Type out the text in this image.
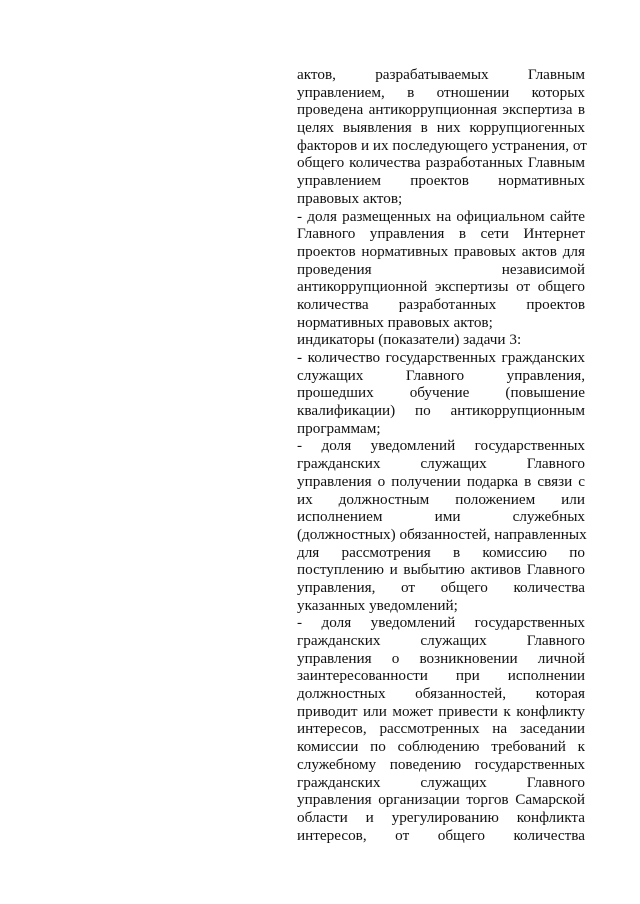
актов, разрабатываемых Главным
управлением, в отношении которых
проведена антикоррупционная экспертиза в
целях выявления в них коррупциогенных
факторов и их последующего устранения, от
общего количества разработанных Главным
управлением проектов нормативных
правовых актов;
- доля размещенных на официальном сайте
Главного управления в сети Интернет
проектов нормативных правовых актов для
проведения независимой
антикоррупционной экспертизы от общего
количества разработанных проектов
нормативных правовых актов;
индикаторы (показатели) задачи 3:
- количество государственных гражданских
служащих Главного управления,
прошедших обучение (повышение
квалификации) по антикоррупционным
программам;
- доля уведомлений государственных
гражданских служащих Главного
управления о получении подарка в связи с
их должностным положением или
исполнением ими служебных
(должностных) обязанностей, направленных
для рассмотрения в комиссию по
поступлению и выбытию активов Главного
управления, от общего количества
указанных уведомлений;
- доля уведомлений государственных
гражданских служащих Главного
управления о возникновении личной
заинтересованности при исполнении
должностных обязанностей, которая
приводит или может привести к конфликту
интересов, рассмотренных на заседании
комиссии по соблюдению требований к
служебному поведению государственных
гражданских служащих Главного
управления организации торгов Самарской
области и урегулированию конфликта
интересов, от общего количества
